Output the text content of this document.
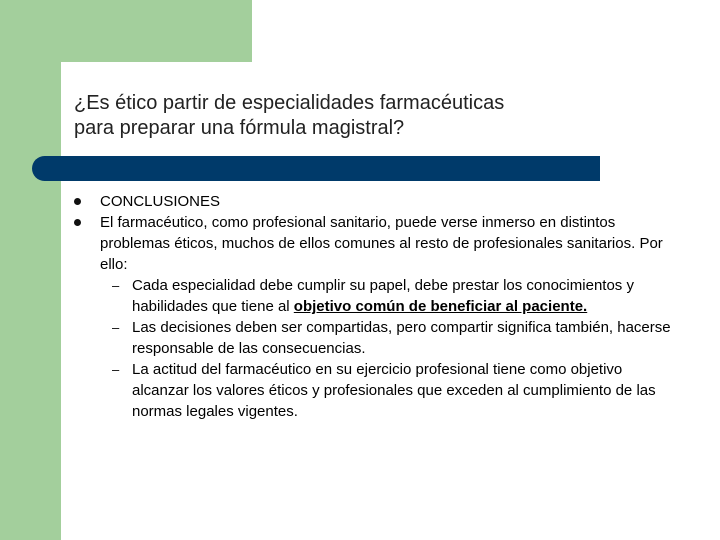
¿Es ético partir de especialidades farmacéuticas
para preparar una fórmula magistral?
CONCLUSIONES
El farmacéutico, como profesional sanitario, puede verse inmerso en distintos problemas éticos, muchos de ellos comunes al resto de profesionales sanitarios. Por ello:
– Cada especialidad debe cumplir su papel, debe prestar los conocimientos y habilidades que tiene al objetivo común de beneficiar al paciente.
– Las decisiones deben ser compartidas, pero compartir significa también, hacerse responsable de las consecuencias.
– La actitud del farmacéutico en su ejercicio profesional tiene como objetivo alcanzar los valores éticos y profesionales que exceden al cumplimiento de las normas legales vigentes.
